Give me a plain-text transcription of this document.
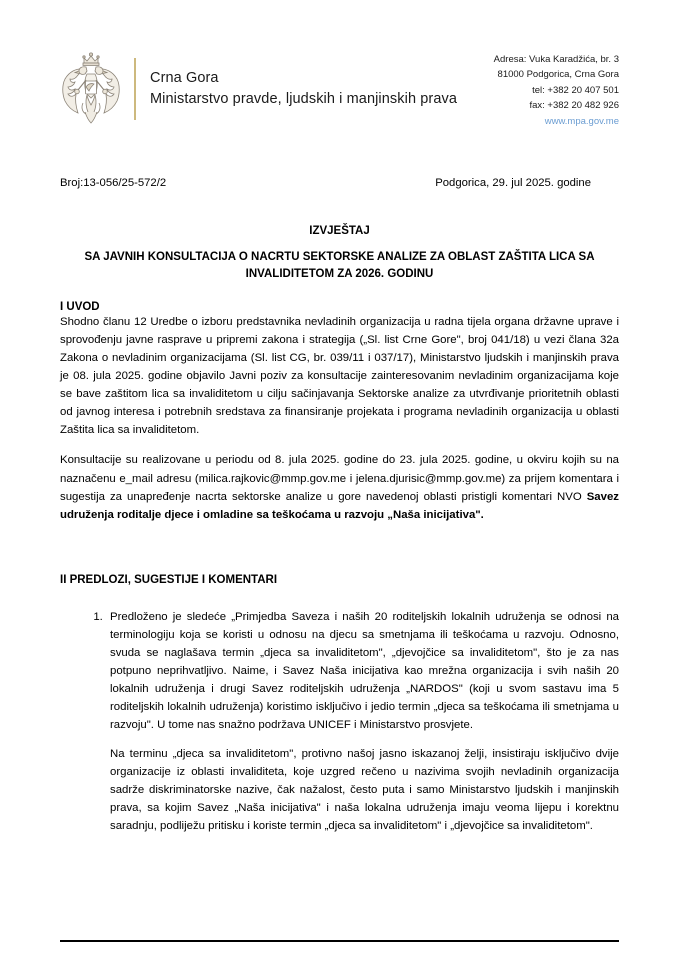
Crna Gora
Ministarstvo pravde, ljudskih i manjinskih prava
Adresa: Vuka Karadžića, br. 3
81000 Podgorica, Crna Gora
tel: +382 20 407 501
fax: +382 20 482 926
www.mpa.gov.me
Broj:13-056/25-572/2	Podgorica, 29. jul 2025. godine
IZVJEŠTAJ
SA JAVNIH KONSULTACIJA O NACRTU SEKTORSKE ANALIZE ZA OBLAST ZAŠTITA LICA SA INVALIDITETOM ZA 2026. GODINU
I UVOD

Shodno članu 12 Uredbe o izboru predstavnika nevladinih organizacija u radna tijela organa državne uprave i sprovođenju javne rasprave u pripremi zakona i strategija („Sl. list Crne Gore", broj 041/18) u vezi člana 32a Zakona o nevladinim organizacijama (Sl. list CG, br. 039/11 i 037/17), Ministarstvo ljudskih i manjinskih prava je 08. jula 2025. godine objavilo Javni poziv za konsultacije zainteresovanim nevladinim organizacijama koje se bave zaštitom lica sa invaliditetom u cilju sačinjavanja Sektorske analize za utvrđivanje prioritetnih oblasti od javnog interesa i potrebnih sredstava za finansiranje projekata i programa nevladinih organizacija u oblasti Zaštita lica sa invaliditetom.

Konsultacije su realizovane u periodu od 8. jula 2025. godine do 23. jula 2025. godine, u okviru kojih su na naznačenu e_mail adresu (milica.rajkovic@mmp.gov.me i jelena.djurisic@mmp.gov.me) za prijem komentara i sugestija za unapređenje nacrta sektorske analize u gore navedenoj oblasti pristigli komentari NVO Savez udruženja roditalje djece i omladine sa teškoćama u razvoju „Naša inicijativa".

II PREDLOZI, SUGESTIJE I KOMENTARI

1. Predloženo je sledeće „Primjedba Saveza i naših 20 roditeljskih lokalnih udruženja se odnosi na terminologiju koja se koristi u odnosu na djecu sa smetnjama ili teškoćama u razvoju. Odnosno, svuda se naglašava termin „djeca sa invaliditetom", „djevojčice sa invaliditetom", što je za nas potpuno neprihvatljivo. Naime, i Savez Naša inicijativa kao mrežna organizacija i svih naših 20 lokalnih udruženja i drugi Savez roditeljskih udruženja „NARDOS" (koji u svom sastavu ima 5 roditeljskih lokalnih udruženja) koristimo isključivo i jedio termin „djeca sa teškoćama ili smetnjama u razvoju". U tome nas snažno podržava UNICEF i Ministarstvo prosvjete.

Na terminu „djeca sa invaliditetom", protivno našoj jasno iskazanoj želji, insistiraju isključivo dvije organizacije iz oblasti invaliditeta, koje uzgred rečeno u nazivima svojih nevladinih organizacija sadrže diskriminatorske nazive, čak nažalost, često puta i samo Ministarstvo ljudskih i manjinskih prava, sa kojim Savez „Naša inicijativa" i naša lokalna udruženja imaju veoma lijepu i korektnu saradnju, podliježu pritisku i koriste termin „djeca sa invaliditetom" i „djevojčice sa invaliditetom".
